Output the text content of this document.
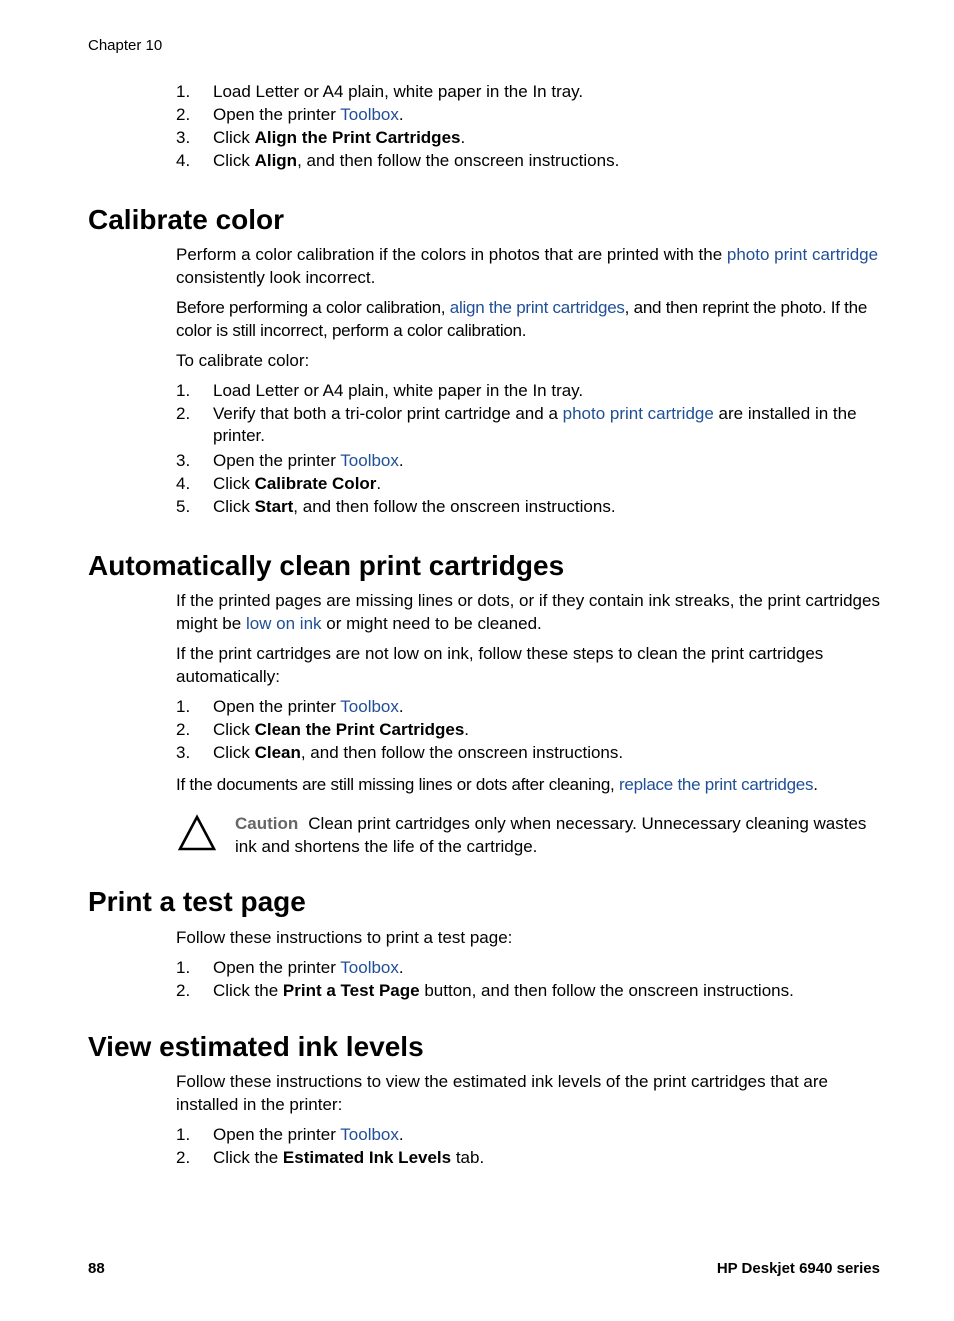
Chapter 10
1.	Load Letter or A4 plain, white paper in the In tray.
2.	Open the printer Toolbox.
3.	Click Align the Print Cartridges.
4.	Click Align, and then follow the onscreen instructions.
Calibrate color
Perform a color calibration if the colors in photos that are printed with the photo print cartridge consistently look incorrect.
Before performing a color calibration, align the print cartridges, and then reprint the photo. If the color is still incorrect, perform a color calibration.
To calibrate color:
1.	Load Letter or A4 plain, white paper in the In tray.
2.	Verify that both a tri-color print cartridge and a photo print cartridge are installed in the printer.
3.	Open the printer Toolbox.
4.	Click Calibrate Color.
5.	Click Start, and then follow the onscreen instructions.
Automatically clean print cartridges
If the printed pages are missing lines or dots, or if they contain ink streaks, the print cartridges might be low on ink or might need to be cleaned.
If the print cartridges are not low on ink, follow these steps to clean the print cartridges automatically:
1.	Open the printer Toolbox.
2.	Click Clean the Print Cartridges.
3.	Click Clean, and then follow the onscreen instructions.
If the documents are still missing lines or dots after cleaning, replace the print cartridges.
Caution Clean print cartridges only when necessary. Unnecessary cleaning wastes ink and shortens the life of the cartridge.
Print a test page
Follow these instructions to print a test page:
1.	Open the printer Toolbox.
2.	Click the Print a Test Page button, and then follow the onscreen instructions.
View estimated ink levels
Follow these instructions to view the estimated ink levels of the print cartridges that are installed in the printer:
1.	Open the printer Toolbox.
2.	Click the Estimated Ink Levels tab.
88	HP Deskjet 6940 series
